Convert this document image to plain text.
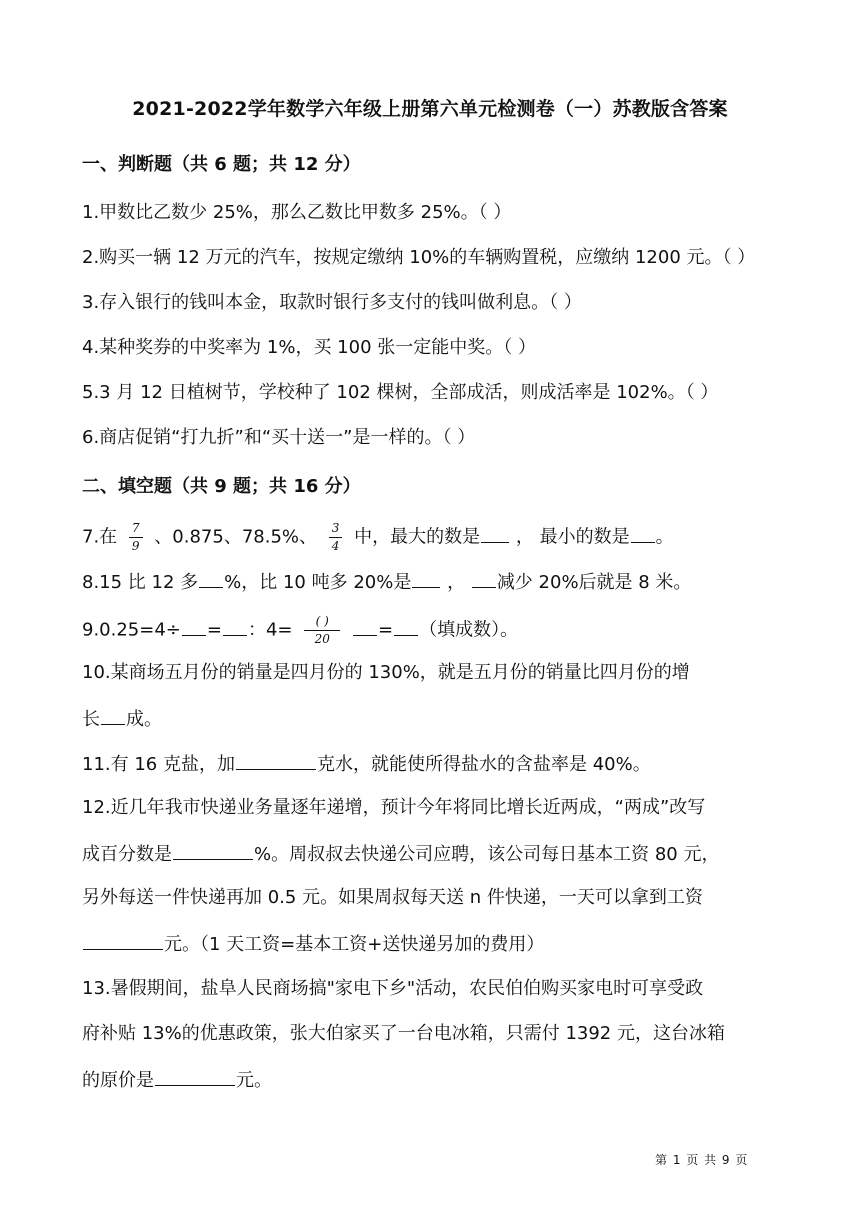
2021-2022学年数学六年级上册第六单元检测卷（一）苏教版含答案
一、判断题（共 6 题；共 12 分）
1.甲数比乙数少 25%，那么乙数比甲数多 25%。（ ）
2.购买一辆 12 万元的汽车，按规定缴纳 10%的车辆购置税，应缴纳 1200 元。（ ）
3.存入银行的钱叫本金，取款时银行多支付的钱叫做利息。（ ）
4.某种奖券的中奖率为 1%，买 100 张一定能中奖。（ ）
5.3 月 12 日植树节，学校种了 102 棵树，全部成活，则成活率是 102%。（ ）
6.商店促销“打九折”和“买十送一”是一样的。（ ）
二、填空题（共 9 题；共 16 分）
7.在 $\frac{7}{9}$ 、0.875、78.5%、 $\frac{3}{4}$ 中，最大的数是 ， 最小的数是 。
8.15 比 12 多 %，比 10 吨多 20%是 ， 减少 20%后就是 8 米。
9.0.25=4÷ = ：$4= \frac{( )}{20}$ = （填成数）。
10.某商场五月份的销量是四月份的 130%，就是五月份的销量比四月份的增
长 成。
11.有 16 克盐，加	克水，就能使所得盐水的含盐率是 40%。
12.近几年我市快递业务量逐年递增，预计今年将同比增长近两成，“两成”改写
成百分数是	%。周叔叔去快递公司应聘，该公司每日基本工资 80 元，
另外每送一件快递再加 0.5 元。如果周叔每天送 n 件快递，一天可以拿到工资
元。（1 天工资=基本工资+送快递另加的费用）
13.暑假期间，盐阜人民商场搞"家电下乡"活动，农民伯伯购买家电时可享受政
府补贴 13%的优惠政策，张大伯家买了一台电冰箱，只需付 1392 元，这台冰箱
的原价是	元。
第 1 页 共 9 页
